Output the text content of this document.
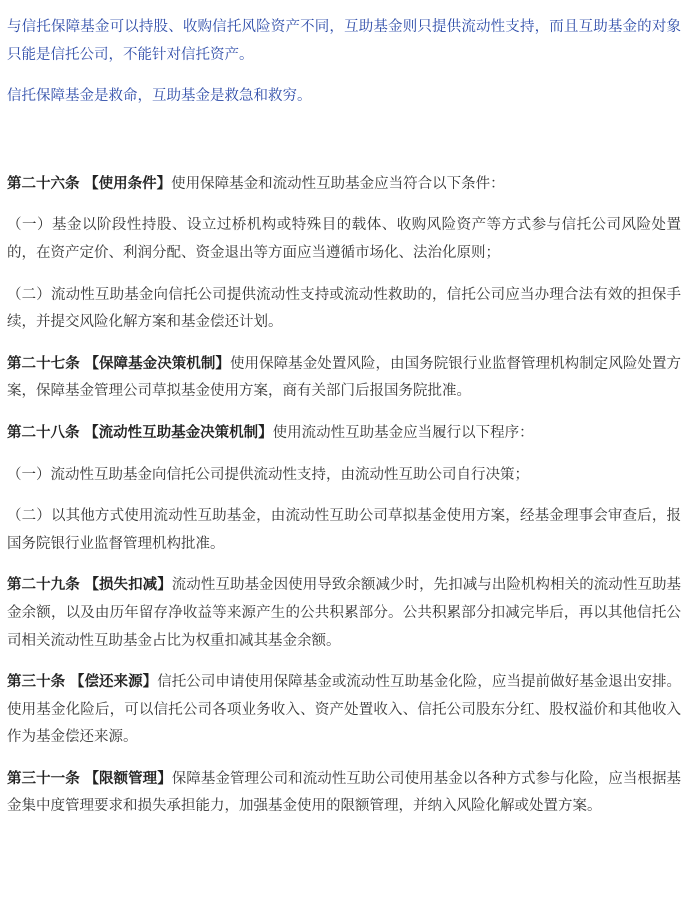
与信托保障基金可以持股、收购信托风险资产不同，互助基金则只提供流动性支持，而且互助基金的对象只能是信托公司，不能针对信托资产。

信托保障基金是救命，互助基金是救急和救穷。

第二十六条 【使用条件】使用保障基金和流动性互助基金应当符合以下条件：

（一）基金以阶段性持股、设立过桥机构或特殊目的载体、收购风险资产等方式参与信托公司风险处置的，在资产定价、利润分配、资金退出等方面应当遵循市场化、法治化原则；

（二）流动性互助基金向信托公司提供流动性支持或流动性救助的，信托公司应当办理合法有效的担保手续，并提交风险化解方案和基金偿还计划。

第二十七条 【保障基金决策机制】使用保障基金处置风险，由国务院银行业监督管理机构制定风险处置方案，保障基金管理公司草拟基金使用方案，商有关部门后报国务院批准。

第二十八条 【流动性互助基金决策机制】使用流动性互助基金应当履行以下程序：

（一）流动性互助基金向信托公司提供流动性支持，由流动性互助公司自行决策；

（二）以其他方式使用流动性互助基金，由流动性互助公司草拟基金使用方案，经基金理事会审查后，报国务院银行业监督管理机构批准。

第二十九条 【损失扣减】流动性互助基金因使用导致余额减少时，先扣减与出险机构相关的流动性互助基金余额，以及由历年留存净收益等来源产生的公共积累部分。公共积累部分扣减完毕后，再以其他信托公司相关流动性互助基金占比为权重扣减其基金余额。

第三十条 【偿还来源】信托公司申请使用保障基金或流动性互助基金化险，应当提前做好基金退出安排。使用基金化险后，可以信托公司各项业务收入、资产处置收入、信托公司股东分红、股权溢价和其他收入作为基金偿还来源。

第三十一条 【限额管理】保障基金管理公司和流动性互助公司使用基金以各种方式参与化险，应当根据基金集中度管理要求和损失承担能力，加强基金使用的限额管理，并纳入风险化解或处置方案。
